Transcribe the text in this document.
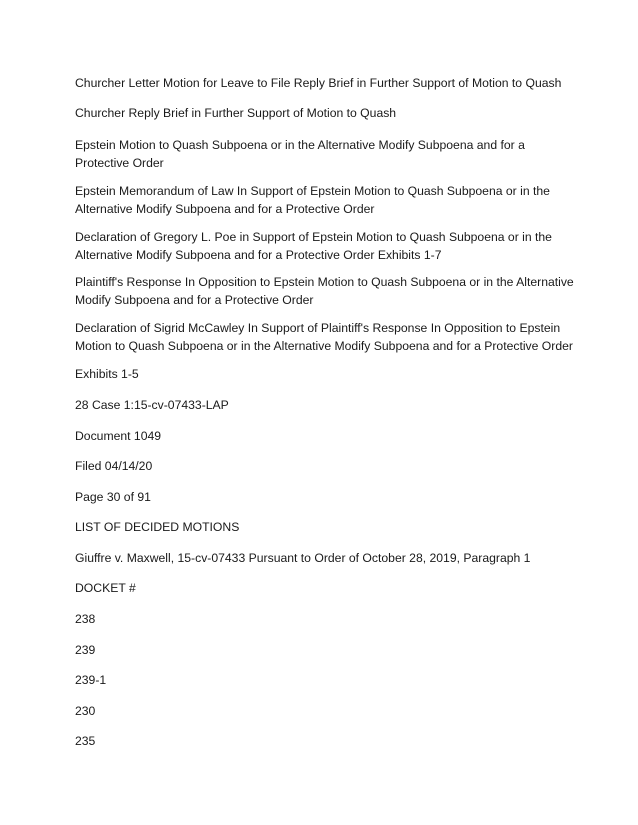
Churcher Letter Motion for Leave to File Reply Brief in Further Support of Motion to Quash

Churcher Reply Brief in Further Support of Motion to Quash

Epstein Motion to Quash Subpoena or in the Alternative Modify Subpoena and for a Protective Order

Epstein Memorandum of Law In Support of Epstein Motion to Quash Subpoena or in the Alternative Modify Subpoena and for a Protective Order

Declaration of Gregory L. Poe in Support of Epstein Motion to Quash Subpoena or in the Alternative Modify Subpoena and for a Protective Order Exhibits 1-7

Plaintiff's Response In Opposition to Epstein Motion to Quash Subpoena or in the Alternative Modify Subpoena and for a Protective Order

Declaration of Sigrid McCawley In Support of Plaintiff's Response In Opposition to Epstein Motion to Quash Subpoena or in the Alternative Modify Subpoena and for a Protective Order

Exhibits 1-5

28 Case 1:15-cv-07433-LAP

Document 1049

Filed 04/14/20

Page 30 of 91

LIST OF DECIDED MOTIONS

Giuffre v. Maxwell, 15-cv-07433 Pursuant to Order of October 28, 2019, Paragraph 1

DOCKET #

238

239

239-1

230

235
